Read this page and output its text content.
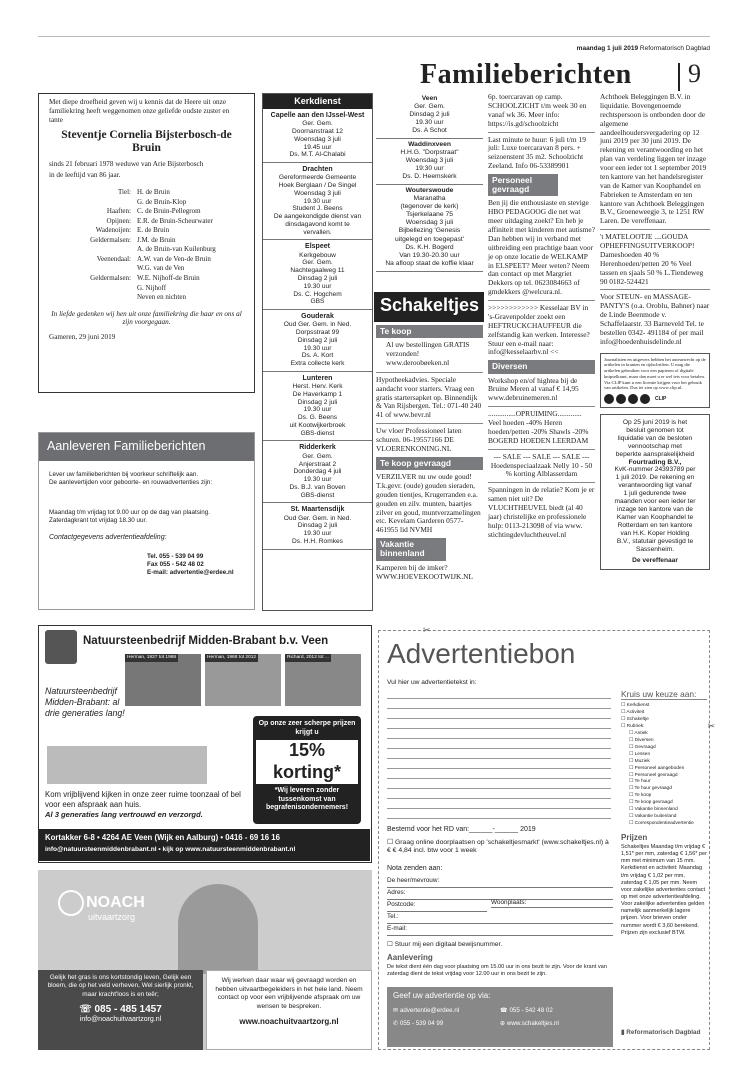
maandag 1 juli 2019 Reformatorisch Dagblad
Familieberichten 9

Met diepe droefheid geven wij u kennis dat de Heere uit onze familiekring heeft weggenomen onze geliefde oudste zuster en tante

Steventje Cornelia Bijsterbosch-de Bruin

sinds 21 februari 1978 weduwe van Arie Bijsterbosch

in de leeftijd van 86 jaar.

Tiel: H. de Bruin
G. de Bruin-Klop
Haaften: C. de Bruin-Pellegrom
Opijnen: E.R. de Bruin-Scheurwater
Wadenoijen: E. de Bruin
Geldermalsen: J.M. de Bruin
A. de Bruin-van Kuilenburg
Veenendaal: A.W. van de Ven-de Bruin
W.G. van de Ven
Geldermalsen: W.E. Nijhoff-de Bruin
G. Nijhoff
Neven en nichten

In liefde gedenken wij hen uit onze familiekring die haar en ons al zijn voorgegaan.

Gameren, 29 juni 2019

Aanleveren Familieberichten
Lever uw familieberichten bij voorkeur schriftelijk aan.
De aanlevertijden voor geboorte- en rouwadvertenties zijn:
Maandag t/m vrijdag tot 9.00 uur op de dag van plaatsing.
Zaterdagkrant tot vrijdag 18.30 uur.
Contactgegevens advertentieafdeling:
Tel. 055 - 539 04 99
Fax 055 - 542 48 02
E-mail: advertentie@erdee.nl
Kerkdienst
Capelle aan den IJssel-West
Ger. Gem.
Doornanstraat 12
Woensdag 3 juli
19.45 uur
Ds. M.T. Al-Chalabi
Drachten
Gereformeerde Gemeente
Hoek Berglaan / De Singel
Woensdag 3 juli
19.30 uur
Student J. Beens
De aangekondigde dienst van
dinsdagavond komt te
vervallen.
Elspeet
Kerkgebouw
Ger. Gem.
Nachtegaalweg 11
Dinsdag 2 juli
19.30 uur
Ds. C. Hogchem
GBS
Gouderak
Oud Ger. Gem. in Ned.
Dorpsstraat 99
Dinsdag 2 juli
19.30 uur
Ds. A. Kort
Extra collecte kerk
Lunteren
Herst. Herv. Kerk
De Haverkamp 1
Dinsdag 2 juli
19.30 uur
Ds. G. Beens
uit Kootwijkerbroek
GBS-dienst
Ridderkerk
Ger. Gem.
Anjerstraat 2
Donderdag 4 juli
19.30 uur
Ds. B.J. van Boven
GBS-dienst
St. Maartensdijk
Oud Ger. Gem. in Ned.
Dinsdag 2 juli
19.30 uur
Ds. H.H. Romkes
Veen
Ger. Gem.
Dinsdag 2 juli
19.30 uur
Ds. A Schot
Waddinxveen
H.H.G. "Dorpstraat"
Woensdag 3 juli
19:30 uur
Ds. D. Heemskerk
Wouterswoude
Maranatha
(tegenover de kerk)
Tsjerkelaane 75
Woensdag 3 juli
Bijbellezing 'Genesis
uitgelegd en toegepast'
Ds. K.H. Bogerd
Van 19.30-20.30 uur
Na afloop staat de koffie klaar
Schakeltjes
Te koop
Al uw bestellingen GRATIS verzonden! www.deroobøeken.nl
Hypotheekadvies. Speciale aandacht voor starters. Vraag een gratis startersapket op. Binnendijk & Van Rijsbergen. Tel.: 071-40 240 41 of www.bevr.nl
Uw vloer Professioneel laten schuren. 06-19557166 DE VLOERENKONING.NL
Te koop gevraagd
VERZILVER nu uw oude goud! T.k.gevr. (oude) gouden sieraden, gouden tientjes, Krugerranden e.a. gouden en zilv. munten, baartjes zilver en goud, muntverzamelingen etc. Kevelam Garderen 0577-461955 lid NVMH
Vakantie binnenland
Kamperen bij de imker? WWW.HOEVEKOOTWIJK.NL
6p. toercaravan op camp. SCHOOLZICHT t/m week 30 en vanaf wk 36. Meer info: https://is.gd/schoolzicht
Last minute te huur: 6 juli t/m 19 juli: Luxe toercaravan 8 pers. + seizoenstent 35 m2. Schoolzicht Zeeland. Info 06-53389901
Personeel gevraagd
Ben jij die enthousiaste en stevige HBO PEDAGOOG die net wat meer uitdaging zoekt? En heb je affiniteit met kinderen met autisme? Dan hebben wij in verband met uitbreiding een prachtige baan voor je op onze locatie de WELKAMP in ELSPEET? Meer weten? Neem dan contact op met Margriet Dekkers op tel. 0623084663 of gmdekkers @welcura.nl.
>>>>>>>>>>>> Kesselaar BV in 's-Gravenpolder zoekt een HEFTRUCKCHAUFFEUR die zelfstandig kan werken. Interesse? Stuur een e-mail naar: info@kesselaarbv.nl <<
Diversen
Workshop en/of hightea bij de Bruine Meren al vanaf € 14,95 www.debruinemeren.nl
...............OPRUIMING............. Veel hoeden -40% Heren hoeden/petten -20% Shawls -20% BOGERD HOEDEN LEERDAM
--- SALE --- SALE --- SALE --- Hoedenspeciaalzaak Nelly 10 - 50 % korting Alblasserdam
Spanningen in de relatie? Kom je er samen niet uit? De VLUCHTHEUVEL biedt (al 40 jaar) christelijke en professionele hulp: 0113-213098 of via www. stichtingdevluchtheuvel.nl
Achthoek Beleggingen B.V. in liquidatie. Bovengenoemde rechtspersoon is ontbonden door de algemene aandeelhoudersvergadering op 12 juni 2019 per 30 juni 2019. De rekening en verantwoording en het plan van verdeling liggen ter inzage voor een ieder tot 1 september 2019 ten kantore van het handelsregister van de Kamer van Koophandel en Fabrieken te Amsterdam en ten kantore van Achthoek Beleggingen B.V., Groeneweegje 3, te 1251 RW Laren. De vereffenaar.
't MATELOOTJE ....GOUDA OPHEFFINGSUITVERKOOP! Dameshoeden 40 % Herenhoeden/petten 20 % Veel tassen en sjaals 50 % L.Tiendeweg 90 0182-524421
Voor STEUN- en MASSAGE-PANTY'S (o.a. Oroblu, Bahner) naar de Linde Beenmode v. Schaffelaarstr. 33 Barneveld Tel. te bestellen 0342- 491184 of per mail info@hoedenhuisdelinde.nl
Journalisten en uitgevers hebben het auteursrecht op de artikelen in kranten en tijdschriften. U mag die artikelen gebruiken voor een papieren of digitale knipselkrant, maar dan moet u er wel iets voor betalen. Via CLIP kunt u een licentie krijgen voor het gebruik van artikelen. Dus tei zien op www.clip.nl.
CLIP
Op 25 juni 2019 is het
besluit genomen tot
liquidatie van de besloten
vennootschap met
beperkte aansprakelijkheid
Fourtrading B.V.,
KvK-nummer 24393789 per
1 juli 2019. De rekening en
verantwoording ligt vanaf
1 juli gedurende twee
maanden voor een ieder ter
inzage ten kantore van de
Kamer van Koophandel te
Rotterdam en ten kantore
van H.K. Koper Holding
B.V., statutair gevestigd te
Sassenheim.
De vereffenaar
Natuursteenbedrijf Midden-Brabant b.v. Veen
Herman, 1937 tot 1968	Herman, 1968 tot 2012	Richard, 2012 tot ...
Natuursteenbedrijf Midden-Brabant: al drie generaties lang!
Op onze zeer scherpe prijzen krijgt u
15% korting*
*Wij leveren zonder tussenkomst van begrafenisondernemers!
Kom vrijblijvend kijken in onze zeer ruime toonzaal of bel voor een afspraak aan huis.
Al 3 generaties lang vertrouwd en verzorgd.
Kortakker 6-8 • 4264 AE Veen (Wijk en Aalburg) • 0416 - 69 16 16
info@natuursteenmiddenbrabant.nl • kijk op www.natuursteenmiddenbrabant.nl
NOACH
uitvaartzorg
Gelijk het gras is ons kortstondig leven, Gelijk een bloem, die op het veld verheven, Wel sierlijk pronkt, maar kracht'loos is en teêr;
☏ 085 - 485 1457
info@noachuitvaartzorg.nl
Wij werken daar waar wij gevraagd worden en hebben uitvaartbegeleiders in het hele land. Neem contact op voor een vrijblijvende afspraak om uw wensen te bespreken.
www.noachuitvaartzorg.nl
✂
✂
Advertentiebon
Vul hier uw advertentietekst in:
Kruis uw keuze aan:
☐ Kerkdienst
☐ Activiteit
☐ Schakeltje
☐ Rubriek:
☐ Antiek
☐ Diversen
☐ Gevraagd
☐ Lessen
☐ Muziek
☐ Personeel aangeboden
☐ Personeel gevraagd
☐ Te huur
☐ Te huur gevraagd
☐ Te koop
☐ Te koop gevraagd
☐ Vakantie binnenland
☐ Vakantie buitenland
☐ Correspondentieadvertentie
Bestemd voor het RD van:______-______ 2019
☐ Graag online doorplaatsen op 'schakeltjesmarkt' (www.schakeltjes.nl) à € € 4,84 incl. btw voor 1 week
Nota zenden aan:
De heer/mevrouw:
Adres:
Postcode:
Tel.:
E-mail:
Woonplaats:
☐ Stuur mij een digitaal bewijsnummer.
Aanlevering
De tekst dient één dag voor plaatsing om 15.00 uur in ons bezit te zijn. Voor de krant van zaterdag dient de tekst vrijdag voor 12.00 uur in ons bezit te zijn.
Prijzen
Schakeltjes Maandag t/m vrijdag € 1,51* per mm, zaterdag € 1,56* per mm met minimum van 15 mm. Kerkdienst en activiteit: Maandag t/m vrijdag € 1,02 per mm, zaterdag € 1,05 per mm. Neem voor zakelijke advertenties contact op met onze advertentieafdeling. Voor zakelijke advertenties gelden namelijk aanmerkelijk lagere prijzen. Voor brieven onder nummer wordt € 3,60 berekend. Prijzen zijn exclusief BTW.
Geef uw advertentie op via:
✉ advertentie@erdee.nl	☎ 055 - 542 48 02
✆ 055 - 539 04 99	⊕ www.schakeltjes.nl
▮ Reformatorisch Dagblad
